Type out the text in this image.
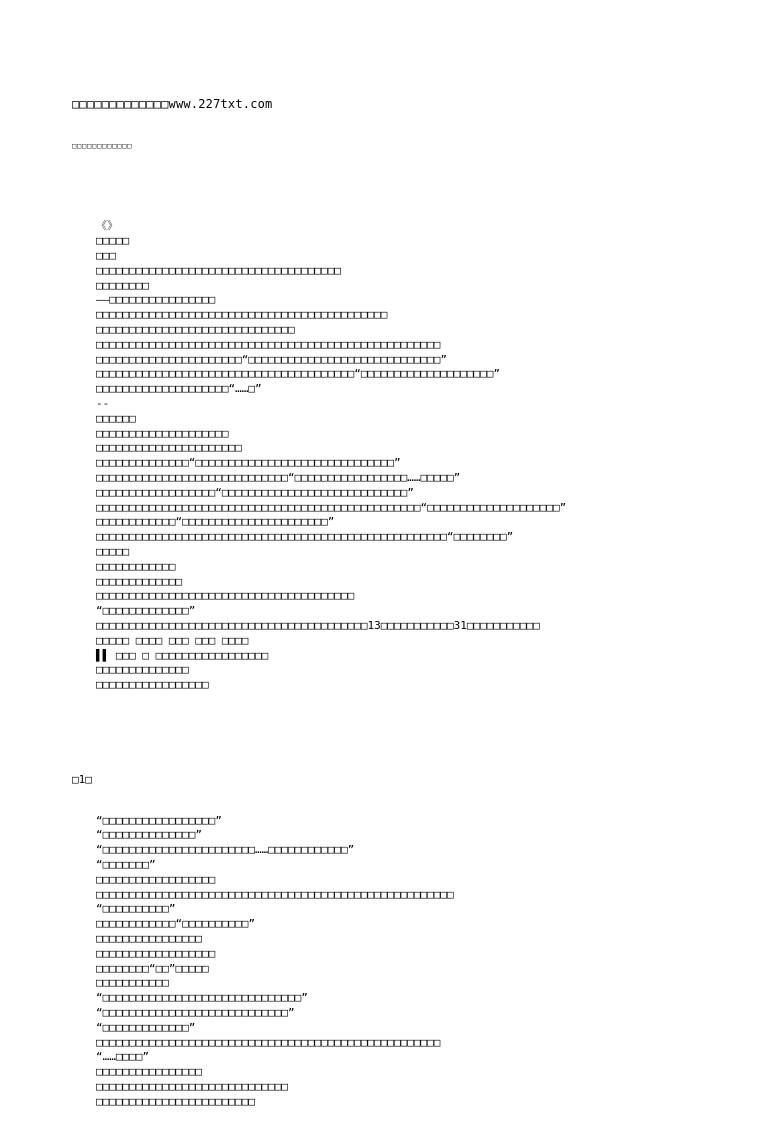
□□□□□□□□□□□□□www.227txt.com

□□□□□□□□□□□□

《》
□□□□□
□□□
□□□□□□□□□□□□□□□□□□□□□□□□□□□□□□□□□□□□□
□□□□□□□□
——□□□□□□□□□□□□□□□□
□□□□□□□□□□□□□□□□□□□□□□□□□□□□□□□□□□□□□□□□□□□□
□□□□□□□□□□□□□□□□□□□□□□□□□□□□□□
□□□□□□□□□□□□□□□□□□□□□□□□□□□□□□□□□□□□□□□□□□□□□□□□□□□□
□□□□□□□□□□□□□□□□□□□□□□“□□□□□□□□□□□□□□□□□□□□□□□□□□□□□”
□□□□□□□□□□□□□□□□□□□□□□□□□□□□□□□□□□□□□□□“□□□□□□□□□□□□□□□□□□□□”
□□□□□□□□□□□□□□□□□□□□“……□”
--
□□□□□□
□□□□□□□□□□□□□□□□□□□□
□□□□□□□□□□□□□□□□□□□□□□
□□□□□□□□□□□□□□“□□□□□□□□□□□□□□□□□□□□□□□□□□□□□□”
□□□□□□□□□□□□□□□□□□□□□□□□□□□□□“□□□□□□□□□□□□□□□□□……□□□□□”
□□□□□□□□□□□□□□□□□□“□□□□□□□□□□□□□□□□□□□□□□□□□□□□”
□□□□□□□□□□□□□□□□□□□□□□□□□□□□□□□□□□□□□□□□□□□□□□□□□“□□□□□□□□□□□□□□□□□□□□”
□□□□□□□□□□□□“□□□□□□□□□□□□□□□□□□□□□□”
□□□□□□□□□□□□□□□□□□□□□□□□□□□□□□□□□□□□□□□□□□□□□□□□□□□□□“□□□□□□□□”
□□□□□
□□□□□□□□□□□□
□□□□□□□□□□□□□
□□□□□□□□□□□□□□□□□□□□□□□□□□□□□□□□□□□□□□□
“□□□□□□□□□□□□□”
□□□□□□□□□□□□□□□□□□□□□□□□□□□□□□□□□□□□□□□□□13□□□□□□□□□□□31□□□□□□□□□□□
□□□□□ □□□□ □□□ □□□ □□□□
▌▌ □□□ □ □□□□□□□□□□□□□□□□□
□□□□□□□□□□□□□□
□□□□□□□□□□□□□□□□□

□1□

“□□□□□□□□□□□□□□□□□”
“□□□□□□□□□□□□□□”
“□□□□□□□□□□□□□□□□□□□□□□□……□□□□□□□□□□□□”
“□□□□□□□”
□□□□□□□□□□□□□□□□□□
□□□□□□□□□□□□□□□□□□□□□□□□□□□□□□□□□□□□□□□□□□□□□□□□□□□□□□
“□□□□□□□□□□”
□□□□□□□□□□□□“□□□□□□□□□□”
□□□□□□□□□□□□□□□□
□□□□□□□□□□□□□□□□□□
□□□□□□□□“□□”□□□□□
□□□□□□□□□□□
“□□□□□□□□□□□□□□□□□□□□□□□□□□□□□□”
“□□□□□□□□□□□□□□□□□□□□□□□□□□□□”
“□□□□□□□□□□□□□”
□□□□□□□□□□□□□□□□□□□□□□□□□□□□□□□□□□□□□□□□□□□□□□□□□□□□
“……□□□□”
□□□□□□□□□□□□□□□□
□□□□□□□□□□□□□□□□□□□□□□□□□□□□□
□□□□□□□□□□□□□□□□□□□□□□□□
